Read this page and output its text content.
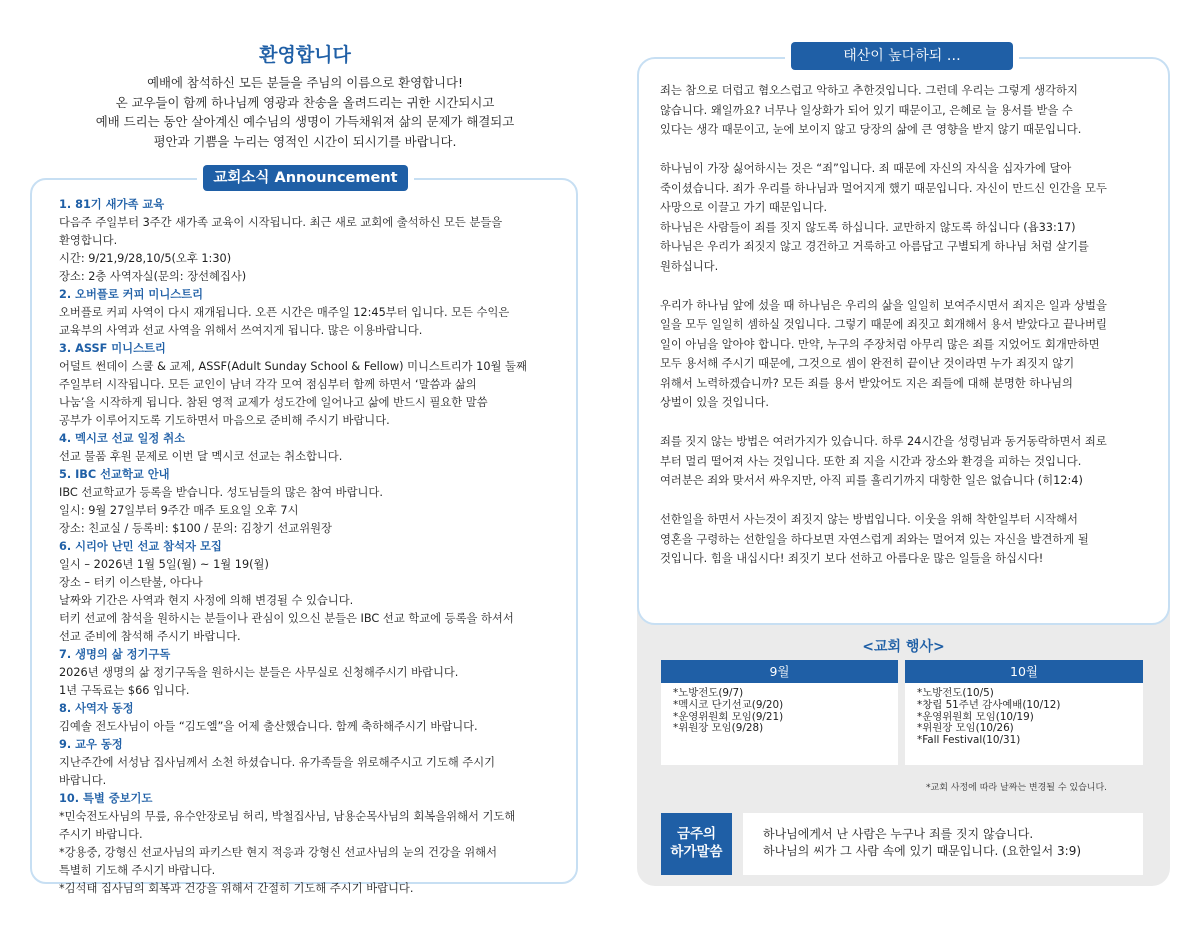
환영합니다

예배에 참석하신 모든 분들을 주님의 이름으로 환영합니다!

온 교우들이 함께 하나님께 영광과 찬송을 올려드리는 귀한 시간되시고

예배 드리는 동안 살아계신 예수님의 생명이 가득채워져 삶의 문제가 해결되고

평안과 기쁨을 누리는 영적인 시간이 되시기를 바랍니다.

교회소식 Announcement
1. 81기 새가족 교육
다음주 주일부터 3주간 새가족 교육이 시작됩니다. 최근 새로 교회에 출석하신 모든 분들을
환영합니다.
시간: 9/21,9/28,10/5(오후 1:30)
장소: 2층 사역자실(문의: 장선혜집사)
2. 오버플로 커피 미니스트리
오버플로 커피 사역이 다시 재개됩니다. 오픈 시간은 매주일 12:45부터 입니다. 모든 수익은
교육부의 사역과 선교 사역을 위해서 쓰여지게 됩니다. 많은 이용바랍니다.
3. ASSF 미니스트리
어덜트 썬데이 스쿨 & 교제, ASSF(Adult Sunday School & Fellow) 미니스트리가 10월 둘째
주일부터 시작됩니다. 모든 교인이 남녀 각각 모여 점심부터 함께 하면서 ‘말씀과 삶의
나눔’을 시작하게 됩니다. 참된 영적 교제가 성도간에 일어나고 삶에 반드시 필요한 말씀
공부가 이루어지도록 기도하면서 마음으로 준비해 주시기 바랍니다.
4. 멕시코 선교 일정 취소
선교 물품 후원 문제로 이번 달 멕시코 선교는 취소합니다.
5. IBC 선교학교 안내
IBC 선교학교가 등록을 받습니다. 성도님들의 많은 참여 바랍니다.
일시: 9월 27일부터 9주간 매주 토요일 오후 7시
장소: 친교실 / 등록비: $100 / 문의: 김창기 선교위원장
6. 시리아 난민 선교 참석자 모집
일시 – 2026년 1월 5일(월) ~ 1월 19(월)
장소 – 터키 이스탄불, 아다나
날짜와 기간은 사역과 현지 사정에 의해 변경될 수 있습니다.
터키 선교에 참석을 원하시는 분들이나 관심이 있으신 분들은 IBC 선교 학교에 등록을 하셔서
선교 준비에 참석해 주시기 바랍니다.
7. 생명의 삶 정기구독
2026년 생명의 삶 정기구독을 원하시는 분들은 사무실로 신청해주시기 바랍니다.
1년 구독료는 $66 입니다.
8. 사역자 동정
김예솔 전도사님이 아들 “김도엘”을 어제 출산했습니다. 함께 축하해주시기 바랍니다.
9. 교우 동정
지난주간에 서성남 집사님께서 소천 하셨습니다. 유가족들을 위로해주시고 기도해 주시기
바랍니다.
10. 특별 중보기도
*민숙전도사님의 무릎, 유수안장로님 허리, 박철집사님, 남용순목사님의 회복을위해서 기도해
주시기 바랍니다.
*강용중, 강형신 선교사님의 파키스탄 현지 적응과 강형신 선교사님의 눈의 건강을 위해서
특별히 기도해 주시기 바랍니다.
*김석태 집사님의 회복과 건강을 위해서 간절히 기도해 주시기 바랍니다.
태산이 높다하되 …
죄는 참으로 더럽고 혐오스럽고 악하고 추한것입니다. 그런데 우리는 그렇게 생각하지
않습니다. 왜일까요? 너무나 일상화가 되어 있기 때문이고, 은혜로 늘 용서를 받을 수
있다는 생각 때문이고, 눈에 보이지 않고 당장의 삶에 큰 영향을 받지 않기 때문입니다.
하나님이 가장 싫어하시는 것은 “죄”입니다. 죄 때문에 자신의 자식을 십자가에 달아
죽이셨습니다. 죄가 우리를 하나님과 멀어지게 했기 때문입니다. 자신이 만드신 인간을 모두
사망으로 이끌고 가기 때문입니다.
하나님은 사람들이 죄를 짓지 않도록 하십니다. 교만하지 않도록 하십니다 (욥33:17)
하나님은 우리가 죄짓지 않고 경건하고 거룩하고 아름답고 구별되게 하나님 처럼 살기를
원하십니다.
우리가 하나님 앞에 섰을 때 하나님은 우리의 삶을 일일히 보여주시면서 죄지은 일과 상벌을
일을 모두 일일히 셈하실 것입니다. 그렇기 때문에 죄짓고 회개해서 용서 받았다고 끝나버릴
일이 아님을 알아야 합니다. 만약, 누구의 주장처럼 아무리 많은 죄를 지었어도 회개만하면
모두 용서해 주시기 때문에, 그것으로 셈이 완전히 끝이난 것이라면 누가 죄짓지 않기
위해서 노력하겠습니까? 모든 죄를 용서 받았어도 지은 죄들에 대해 분명한 하나님의
상벌이 있을 것입니다.
죄를 짓지 않는 방법은 여러가지가 있습니다. 하루 24시간을 성령님과 동거동락하면서 죄로
부터 멀리 떨어져 사는 것입니다. 또한 죄 지을 시간과 장소와 환경을 피하는 것입니다.
여러분은 죄와 맞서서 싸우지만, 아직 피를 흘리기까지 대항한 일은 없습니다 (히12:4)
선한일을 하면서 사는것이 죄짓지 않는 방법입니다. 이웃을 위해 착한일부터 시작해서
영혼을 구령하는 선한일을 하다보면 자연스럽게 죄와는 멀어져 있는 자신을 발견하게 될
것입니다. 힘을 내십시다! 죄짓기 보다 선하고 아름다운 많은 일들을 하십시다!
<교회 행사>
9월
*노방전도(9/7)
*멕시코 단기선교(9/20)
*운영위원회 모임(9/21)
*위원장 모임(9/28)
10월
*노방전도(10/5)
*창립 51주년 감사예배(10/12)
*운영위원회 모임(10/19)
*위원장 모임(10/26)
*Fall Festival(10/31)
*교회 사정에 따라 날짜는 변경될 수 있습니다.
금주의
하가말씀
하나님에게서 난 사람은 누구나 죄를 짓지 않습니다.
하나님의 씨가 그 사람 속에 있기 때문입니다. (요한일서 3:9)
